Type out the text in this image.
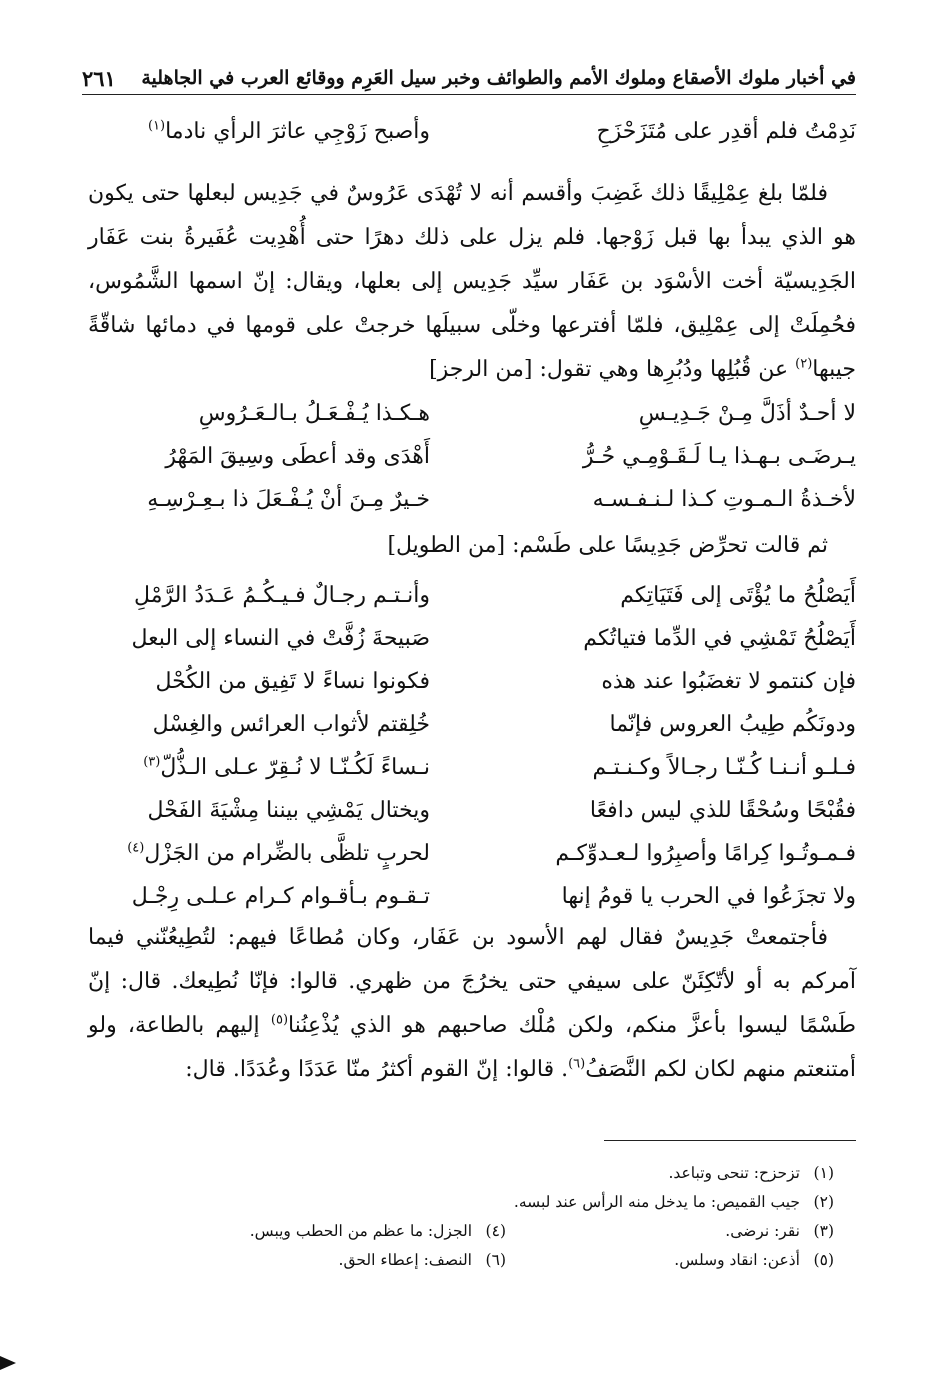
في أخبار ملوك الأصقاع وملوك الأمم والطوائف وخبر سيل العَرِم ووقائع العرب في الجاهلية
٢٦١
نَدِمْتُ فلم أقدِر على مُتَزَحْزَحِ
وأصبح زَوْجِي عاثرَ الرأي نادما$^{(١)}$

فلمّا بلغ عِمْلِيقًا ذلك غَضِبَ وأقسم أنه لا تُهْدَى عَرُوسٌ في جَدِيس لبعلها حتى يكون هو الذي يبدأ بها قبل زَوْجها. فلم يزل على ذلك دهرًا حتى أُهْدِيت عُفَيرةُ بنت عَفَار الجَدِيسيّة أخت الأسْوَد بن عَفَار سيِّد جَدِيس إلى بعلها، ويقال: إنّ اسمها الشَّمُوس، فحُمِلَتْ إلى عِمْلِيق، فلمّا أفترعها وخلّى سبيلَها خرجتْ على قومها في دمائها شاقّةً جيبها$^{(٢)}$ عن قُبُلِها ودُبُرِها وهي تقول: [من الرجز]

لا أحـدٌ أذَلَّ مِـنْ جَـدِيـسِ
هـكـذا يُـفْـعَـلُ بـالـعَـرُوسِ
يـرضَـى بـهـذا يـا لَـقَـوْمِـي حُـرُّ
أَهْدَى وقد أعطَى وسِيقَ المَهْرُ
لأخـذةُ الـمـوتِ كـذا لـنـفـسـه
خـيرٌ مِـنَ أنْ يُـفْـعَلَ ذا بـعِـرْسِـهِ

ثم قالت تحرِّض جَدِيسًا على طَسْم: [من الطويل]

أَيَصْلُحُ ما يُؤْتَى إلى فَتَيَاتِكم
وأنـتـم رجـالٌ فـيـكُـمُ عَـدَدُ الرَّمْلِ
أَيَصْلُحُ تَمْشِي في الدِّما فتياتُكم
صَبيحةَ زُفَّتْ في النساء إلى البعل
فإن كنتمو لا تغضَبُوا عند هذه
فكونوا نساءً لا تَفِيق من الكُحْل
ودونَكُم طِيبُ العروس فإنّما
خُلِقتم لأثواب العرائس والغِسْل
فـلـو أنـنـا كُـنّـا رجـالاً وكـنـتـم
نـساءً لَكُـنّـا لا نُـقِرّ عـلى الـذُّلّ$^{(٣)}$
فقُبْحًا وسُحْقًا للذي ليس دافعًا
ويختال يَمْشِي بيننا مِشْيَةَ الفَحْل
فـمـوتُـوا كِرامًا وأصبِرُوا لـعـدوِّكـم
لحربٍ تلظَّى بالضِّرام من الجَزْل$^{(٤)}$
ولا تجزَعُوا في الحرب يا قومُ إنها
تـقـوم بـأقـوام كـرام عـلـى رِجْـل

فأجتمعتْ جَدِيسٌ فقال لهم الأسود بن عَفَار، وكان مُطاعًا فيهم: لتُطِيعُنّني فيما آمركم به أو لأتّكِئَنّ على سيفي حتى يخرُجَ من ظهري. قالوا: فإنّا نُطِيعك. قال: إنّ طَسْمًا ليسوا بأعزَّ منكم، ولكن مُلْك صاحبهم هو الذي يُذْعِنُنا$^{(٥)}$ إليهم بالطاعة، ولو أمتنعتم منهم لكان لكم النَّصَفُ$^{(٦)}$. قالوا: إنّ القوم أكثرُ منّا عَدَدًا وعُدَدًا. قال:

(١)
تزحزح: تنحى وتباعد.
(٢)
جيب القميص: ما يدخل منه الرأس عند لبسه.
(٣)
نقر: نرضى.
(٤)
الجزل: ما عظم من الحطب ويبس.
(٥)
أذعن: انقاد وسلس.
(٦)
النصف: إعطاء الحق.
